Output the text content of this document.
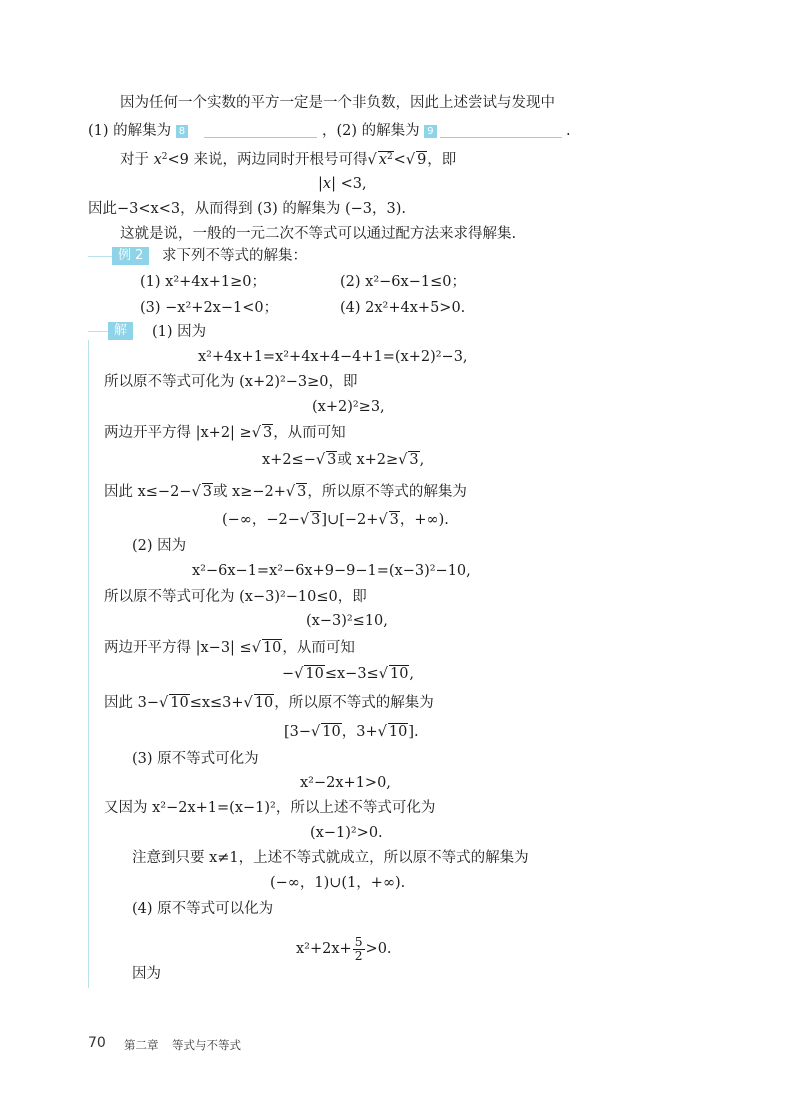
因为任何一个实数的平方一定是一个非负数，因此上述尝试与发现中
(1) 的解集为 8	，(2) 的解集为 9	.
对于 $x^2<9$ 来说，两边同时开根号可得√ $x^2<√$ 9，即
|x| <3,
因此−3<x<3，从而得到 (3) 的解集为 (−3，3).
这就是说，一般的一元二次不等式可以通过配方法来求得解集.
例 2	求下列不等式的解集：
(1) x²+4x+1≥0；	(2) x²−6x−1≤0；
(3) −x²+2x−1<0；	(4) 2x²+4x+5>0.
解	(1) 因为
x²+4x+1=x²+4x+4−4+1=(x+2)²−3,
所以原不等式可化为 (x+2)²−3≥0，即
(x+2)²≥3,
两边开平方得 |x+2| ≥√ 3，从而可知
x+2≤−√ 3或 x+2≥√ 3,
因此 x≤−2−√ 3或 x≥−2+√ 3，所以原不等式的解集为
(−∞，−2−√ 3]∪[−2+√ 3，+∞).
(2) 因为
x²−6x−1=x²−6x+9−9−1=(x−3)²−10,
所以原不等式可化为 (x−3)²−10≤0，即
(x−3)²≤10,
两边开平方得 |x−3| ≤√ 10，从而可知
−√ 10≤x−3≤√ 10,
因此 3−√ 10≤x≤3+√ 10，所以原不等式的解集为
[3−√ 10，3+√ 10].
(3) 原不等式可化为
x²−2x+1>0,
又因为 x²−2x+1=(x−1)²，所以上述不等式可化为
(x−1)²>0.
注意到只要 x≠1，上述不等式就成立，所以原不等式的解集为
(−∞，1)∪(1，+∞).
(4) 原不等式可以化为
$x^2+2x+ \frac{5}{2} >0$.
因为
70 第二章 等式与不等式
